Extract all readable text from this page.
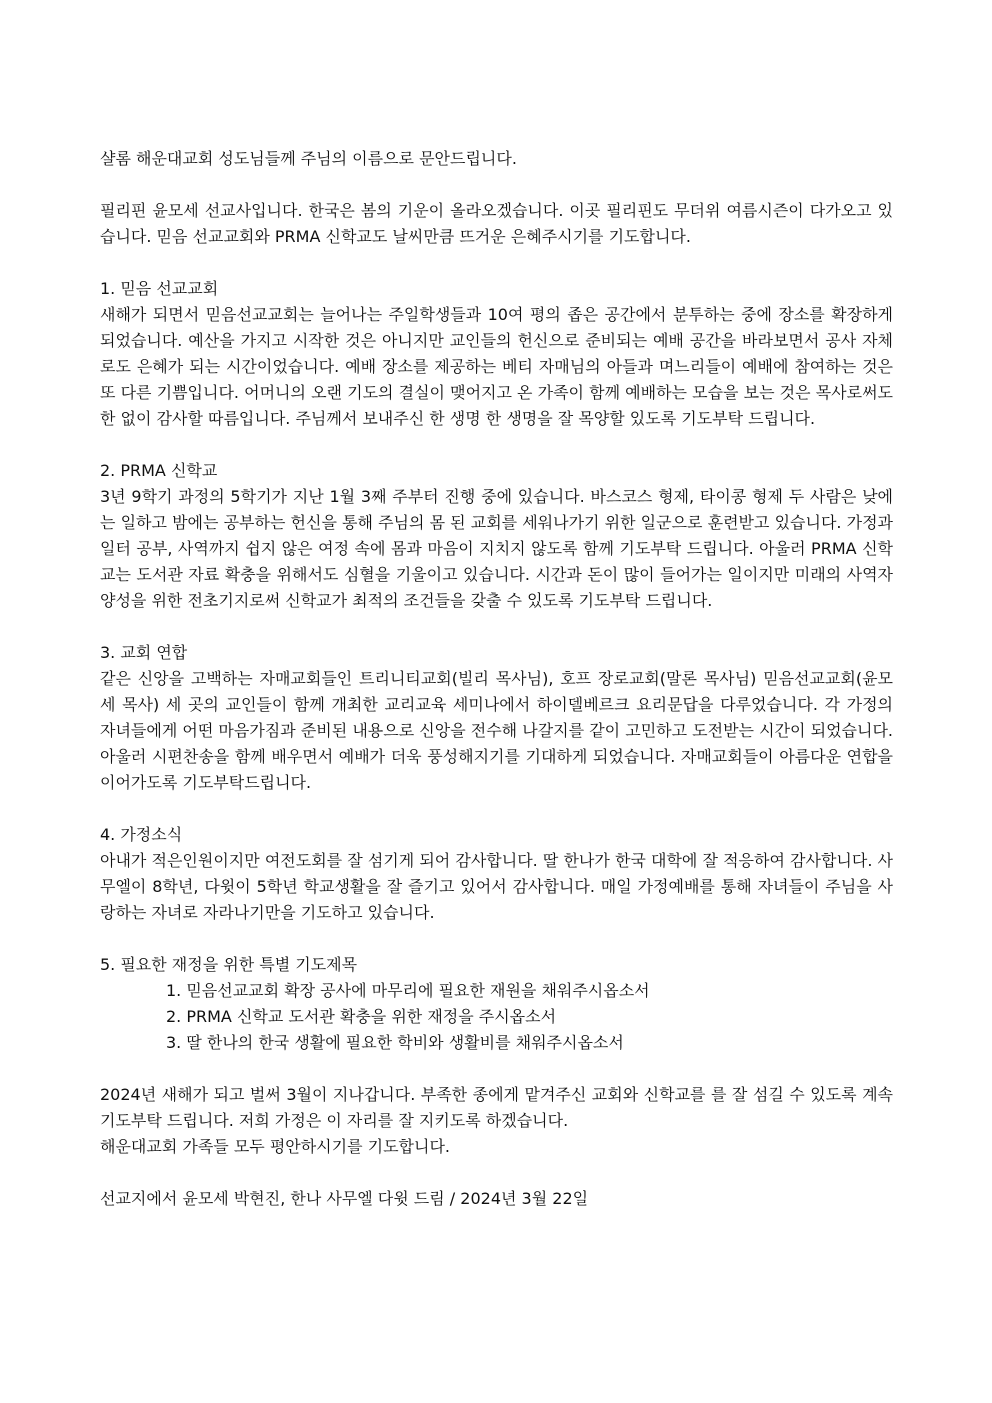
샬롬 해운대교회 성도님들께 주님의 이름으로 문안드립니다.

필리핀 윤모세 선교사입니다. 한국은 봄의 기운이 올라오겠습니다. 이곳 필리핀도 무더위 여름시즌이 다가오고 있습니다. 믿음 선교교회와 PRMA 신학교도 날씨만큼 뜨거운 은혜주시기를 기도합니다.

1. 믿음 선교교회

새해가 되면서 믿음선교교회는 늘어나는 주일학생들과 10여 평의 좁은 공간에서 분투하는 중에 장소를 확장하게 되었습니다. 예산을 가지고 시작한 것은 아니지만 교인들의 헌신으로 준비되는 예배 공간을 바라보면서 공사 자체로도 은혜가 되는 시간이었습니다. 예배 장소를 제공하는 베티 자매님의 아들과 며느리들이 예배에 참여하는 것은 또 다른 기쁨입니다. 어머니의 오랜 기도의 결실이 맺어지고 온 가족이 함께 예배하는 모습을 보는 것은 목사로써도 한 없이 감사할 따름입니다. 주님께서 보내주신 한 생명 한 생명을 잘 목양할 있도록 기도부탁 드립니다.

2. PRMA 신학교

3년 9학기 과정의 5학기가 지난 1월 3째 주부터 진행 중에 있습니다. 바스코스 형제, 타이콩 형제 두 사람은 낮에는 일하고 밤에는 공부하는 헌신을 통해 주님의 몸 된 교회를 세워나가기 위한 일군으로 훈련받고 있습니다. 가정과 일터 공부, 사역까지 쉽지 않은 여정 속에 몸과 마음이 지치지 않도록 함께 기도부탁 드립니다. 아울러 PRMA 신학교는 도서관 자료 확충을 위해서도 심혈을 기울이고 있습니다. 시간과 돈이 많이 들어가는 일이지만 미래의 사역자 양성을 위한 전초기지로써 신학교가 최적의 조건들을 갖출 수 있도록 기도부탁 드립니다.

3. 교회 연합

같은 신앙을 고백하는 자매교회들인 트리니티교회(빌리 목사님), 호프 장로교회(말론 목사님) 믿음선교교회(윤모세 목사) 세 곳의 교인들이 함께 개최한 교리교육 세미나에서 하이델베르크 요리문답을 다루었습니다. 각 가정의 자녀들에게 어떤 마음가짐과 준비된 내용으로 신앙을 전수해 나갈지를 같이 고민하고 도전받는 시간이 되었습니다. 아울러 시편찬송을 함께 배우면서 예배가 더욱 풍성해지기를 기대하게 되었습니다. 자매교회들이 아름다운 연합을 이어가도록 기도부탁드립니다.

4. 가정소식

아내가 적은인원이지만 여전도회를 잘 섬기게 되어 감사합니다. 딸 한나가 한국 대학에 잘 적응하여 감사합니다. 사무엘이 8학년, 다윗이 5학년 학교생활을 잘 즐기고 있어서 감사합니다. 매일 가정예배를 통해 자녀들이 주님을 사랑하는 자녀로 자라나기만을 기도하고 있습니다.

5. 필요한 재정을 위한 특별 기도제목

1. 믿음선교교회 확장 공사에 마무리에 필요한 재원을 채워주시옵소서
2. PRMA 신학교 도서관 확충을 위한 재정을 주시옵소서
3. 딸 한나의 한국 생활에 필요한 학비와 생활비를 채워주시옵소서

2024년 새해가 되고 벌써 3월이 지나갑니다. 부족한 종에게 맡겨주신 교회와 신학교를 를 잘 섬길 수 있도록 계속 기도부탁 드립니다. 저희 가정은 이 자리를 잘 지키도록 하겠습니다.

해운대교회 가족들 모두 평안하시기를 기도합니다.

선교지에서 윤모세 박현진, 한나 사무엘 다윗 드림 / 2024년 3월 22일
